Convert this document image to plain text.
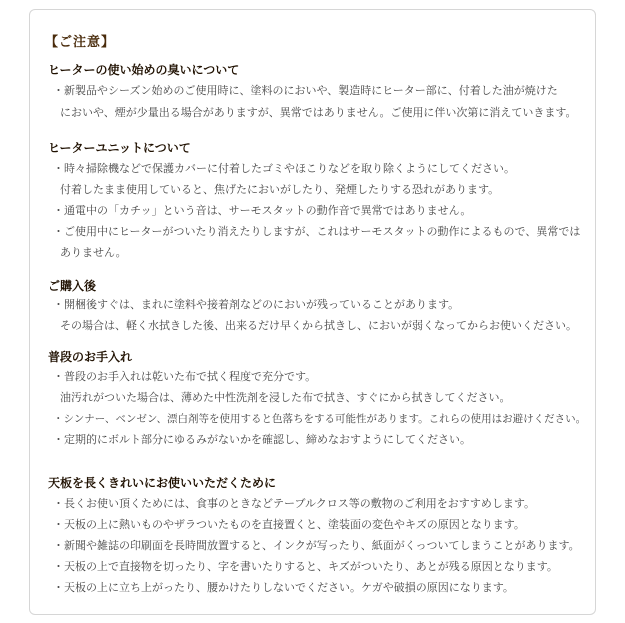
【ご注意】
ヒーターの使い始めの臭いについて
・新製品やシーズン始めのご使用時に、塗料のにおいや、製造時にヒーター部に、付着した油が焼けた
においや、煙が少量出る場合がありますが、異常ではありません。ご使用に伴い次第に消えていきます。
ヒーターユニットについて
・時々掃除機などで保護カバーに付着したゴミやほこりなどを取り除くようにしてください。
付着したまま使用していると、焦げたにおいがしたり、発煙したりする恐れがあります。
・通電中の「カチッ」という音は、サーモスタットの動作音で異常ではありません。
・ご使用中にヒーターがついたり消えたりしますが、これはサーモスタットの動作によるもので、異常では
ありません。
ご購入後
・開梱後すぐは、まれに塗料や接着剤などのにおいが残っていることがあります。
その場合は、軽く水拭きした後、出来るだけ早くから拭きし、においが弱くなってからお使いください。
普段のお手入れ
・普段のお手入れは乾いた布で拭く程度で充分です。
油汚れがついた場合は、薄めた中性洗剤を浸した布で拭き、すぐにから拭きしてください。
・シンナー、ベンゼン、漂白剤等を使用すると色落ちをする可能性があります。これらの使用はお避けください。
・定期的にボルト部分にゆるみがないかを確認し、締めなおすようにしてください。
天板を長くきれいにお使いいただくために
・長くお使い頂くためには、食事のときなどテーブルクロス等の敷物のご利用をおすすめします。
・天板の上に熱いものやザラついたものを直接置くと、塗装面の変色やキズの原因となります。
・新聞や雑誌の印刷面を長時間放置すると、インクが写ったり、紙面がくっついてしまうことがあります。
・天板の上で直接物を切ったり、字を書いたりすると、キズがついたり、あとが残る原因となります。
・天板の上に立ち上がったり、腰かけたりしないでください。ケガや破損の原因になります。
